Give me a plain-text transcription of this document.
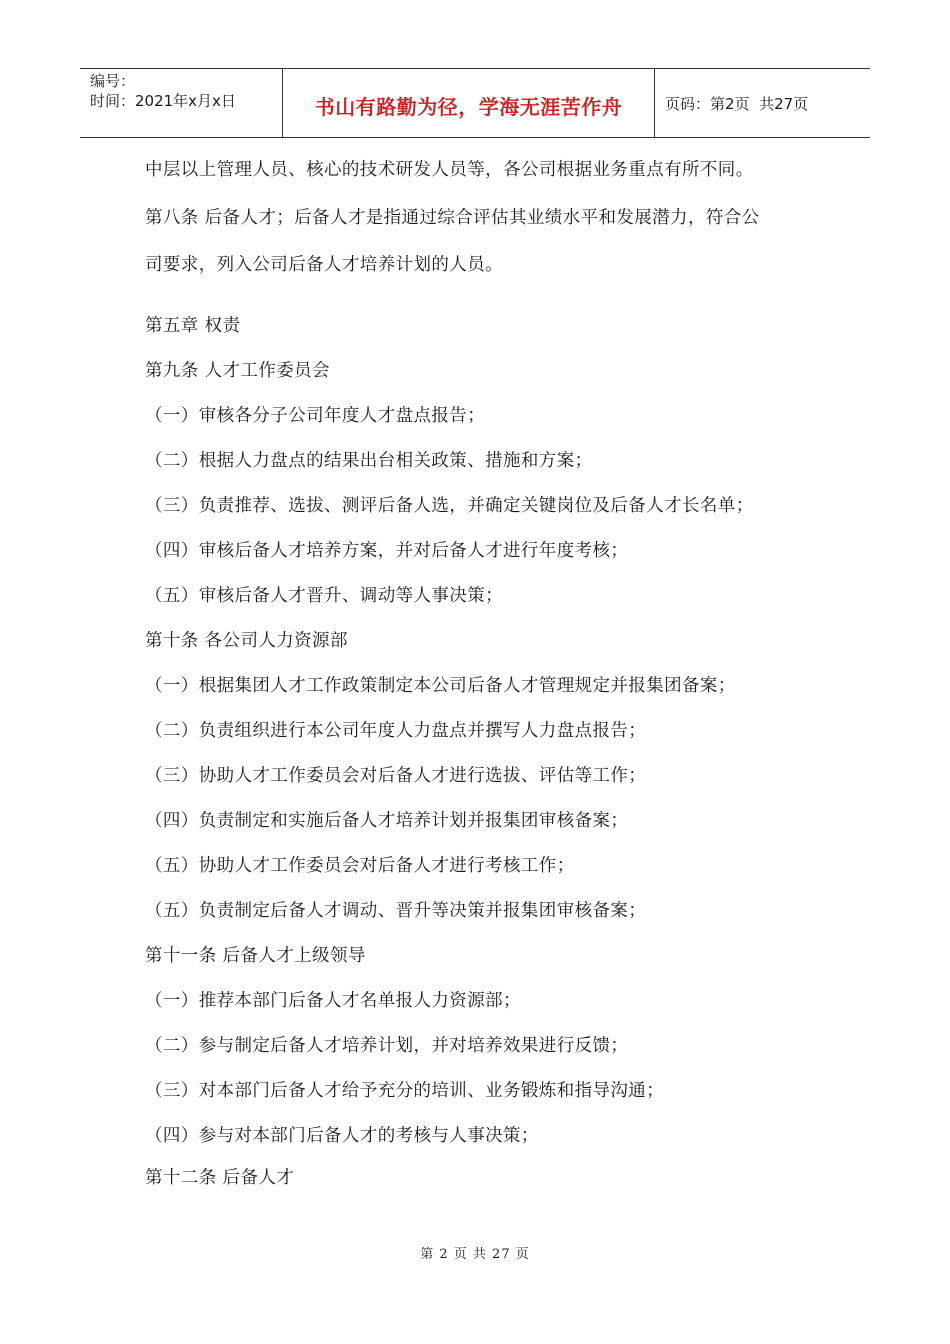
编号：
时间：2021年x月x日	书山有路勤为径，学海无涯苦作舟	页码：第2页  共27页
中层以上管理人员、核心的技术研发人员等，各公司根据业务重点有所不同。
第八条 后备人才；后备人才是指通过综合评估其业绩水平和发展潜力，符合公
司要求，列入公司后备人才培养计划的人员。
第五章 权责
第九条 人才工作委员会
（一）审核各分子公司年度人才盘点报告；
（二）根据人力盘点的结果出台相关政策、措施和方案；
（三）负责推荐、选拔、测评后备人选，并确定关键岗位及后备人才长名单；
（四）审核后备人才培养方案，并对后备人才进行年度考核；
（五）审核后备人才晋升、调动等人事决策；
第十条 各公司人力资源部
（一）根据集团人才工作政策制定本公司后备人才管理规定并报集团备案；
（二）负责组织进行本公司年度人力盘点并撰写人力盘点报告；
（三）协助人才工作委员会对后备人才进行选拔、评估等工作；
（四）负责制定和实施后备人才培养计划并报集团审核备案；
（五）协助人才工作委员会对后备人才进行考核工作；
（五）负责制定后备人才调动、晋升等决策并报集团审核备案；
第十一条 后备人才上级领导
（一）推荐本部门后备人才名单报人力资源部；
（二）参与制定后备人才培养计划，并对培养效果进行反馈；
（三）对本部门后备人才给予充分的培训、业务锻炼和指导沟通；
（四）参与对本部门后备人才的考核与人事决策；
第十二条 后备人才
第 2 页 共 27 页
